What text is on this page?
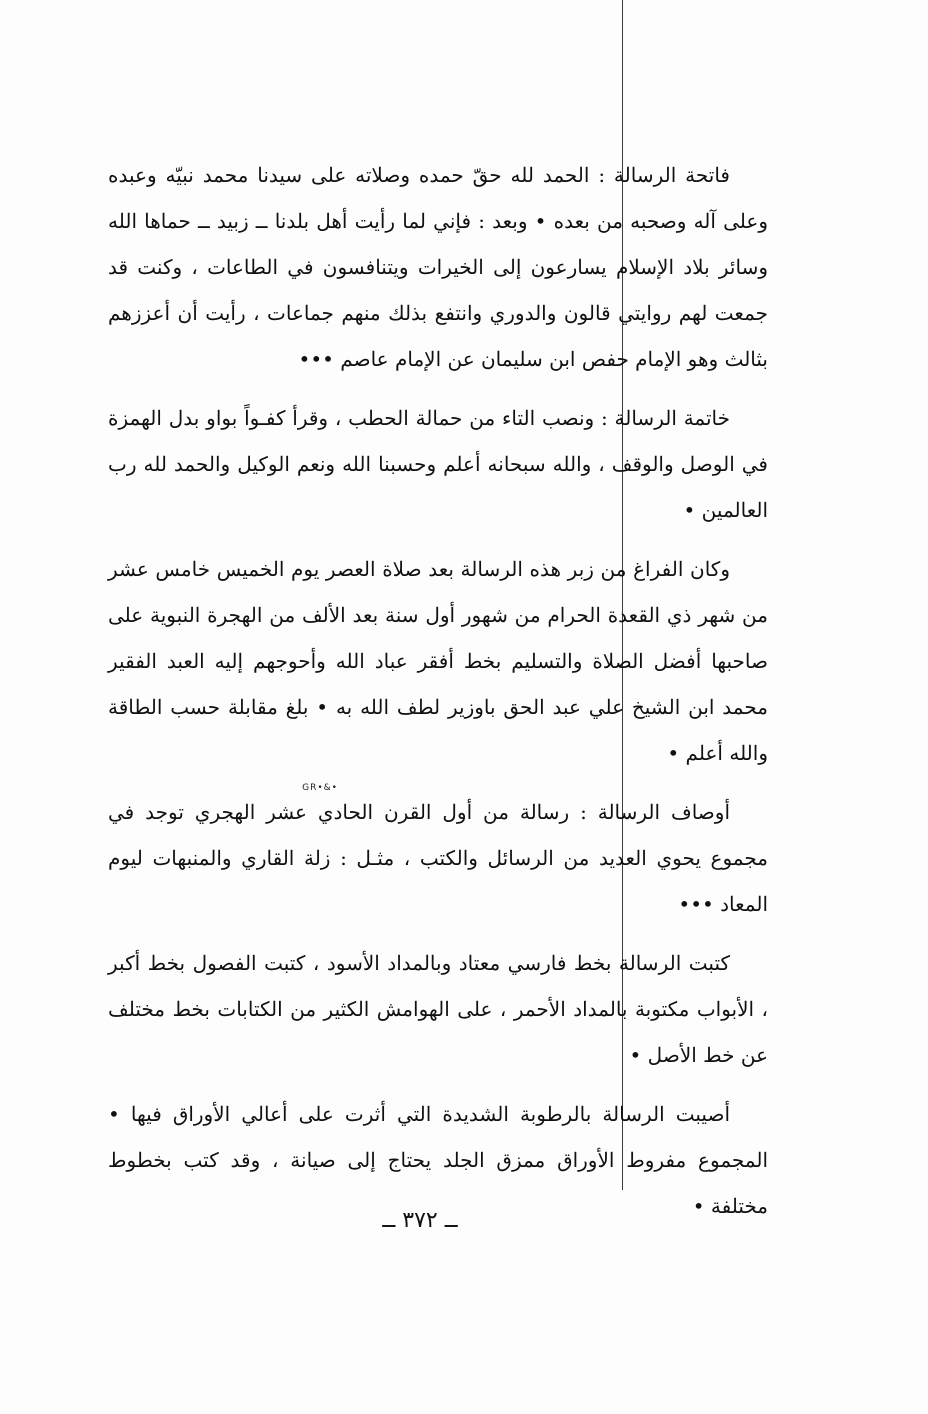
فاتحة الرسالة : الحمد لله حقّ حمده وصلاته على سيدنا محمد نبيّه وعبده وعلى آله وصحبه من بعده • وبعد : فإني لما رأيت أهل بلدنا ــ زبيد ــ حماها الله وسائر بلاد الإسلام يسارعون إلى الخيرات ويتنافسون في الطاعات ، وكنت قد جمعت لهم روايتي قالون والدوري وانتفع بذلك منهم جماعات ، رأيت أن أعززهم بثالث وهو الإمام حفص ابن سليمان عن الإمام عاصم •••

خاتمة الرسالة : ونصب التاء من حمالة الحطب ، وقرأ كفـواً بواو بدل الهمزة في الوصل والوقف ، والله سبحانه أعلم وحسبنا الله ونعم الوكيل والحمد لله رب العالمين •

وكان الفراغ من زبر هذه الرسالة بعد صلاة العصر يوم الخميس خامس عشر من شهر ذي القعدة الحرام من شهور أول سنة بعد الألف من الهجرة النبوية على صاحبها أفضل الصلاة والتسليم بخط أفقر عباد الله وأحوجهم إليه العبد الفقير محمد ابن الشيخ علي عبد الحق باوزير لطف الله به • بلغ مقابلة حسب الطاقة والله أعلم •

GR•&•
أوصاف الرسالة : رسالة من أول القرن الحادي عشر الهجري توجد في مجموع يحوي العديد من الرسائل والكتب ، مثـل : زلة القاري والمنبهات ليوم المعاد •••

كتبت الرسالة بخط فارسي معتاد وبالمداد الأسود ، كتبت الفصول بخط أكبر ، الأبواب مكتوبة بالمداد الأحمر ، على الهوامش الكثير من الكتابات بخط مختلف عن خط الأصل •

أصيبت الرسالة بالرطوبة الشديدة التي أثرت على أعالي الأوراق فيها • المجموع مفروط الأوراق ممزق الجلد يحتاج إلى صيانة ، وقد كتب بخطوط مختلفة •

ــ ٣٧٢ ــ
